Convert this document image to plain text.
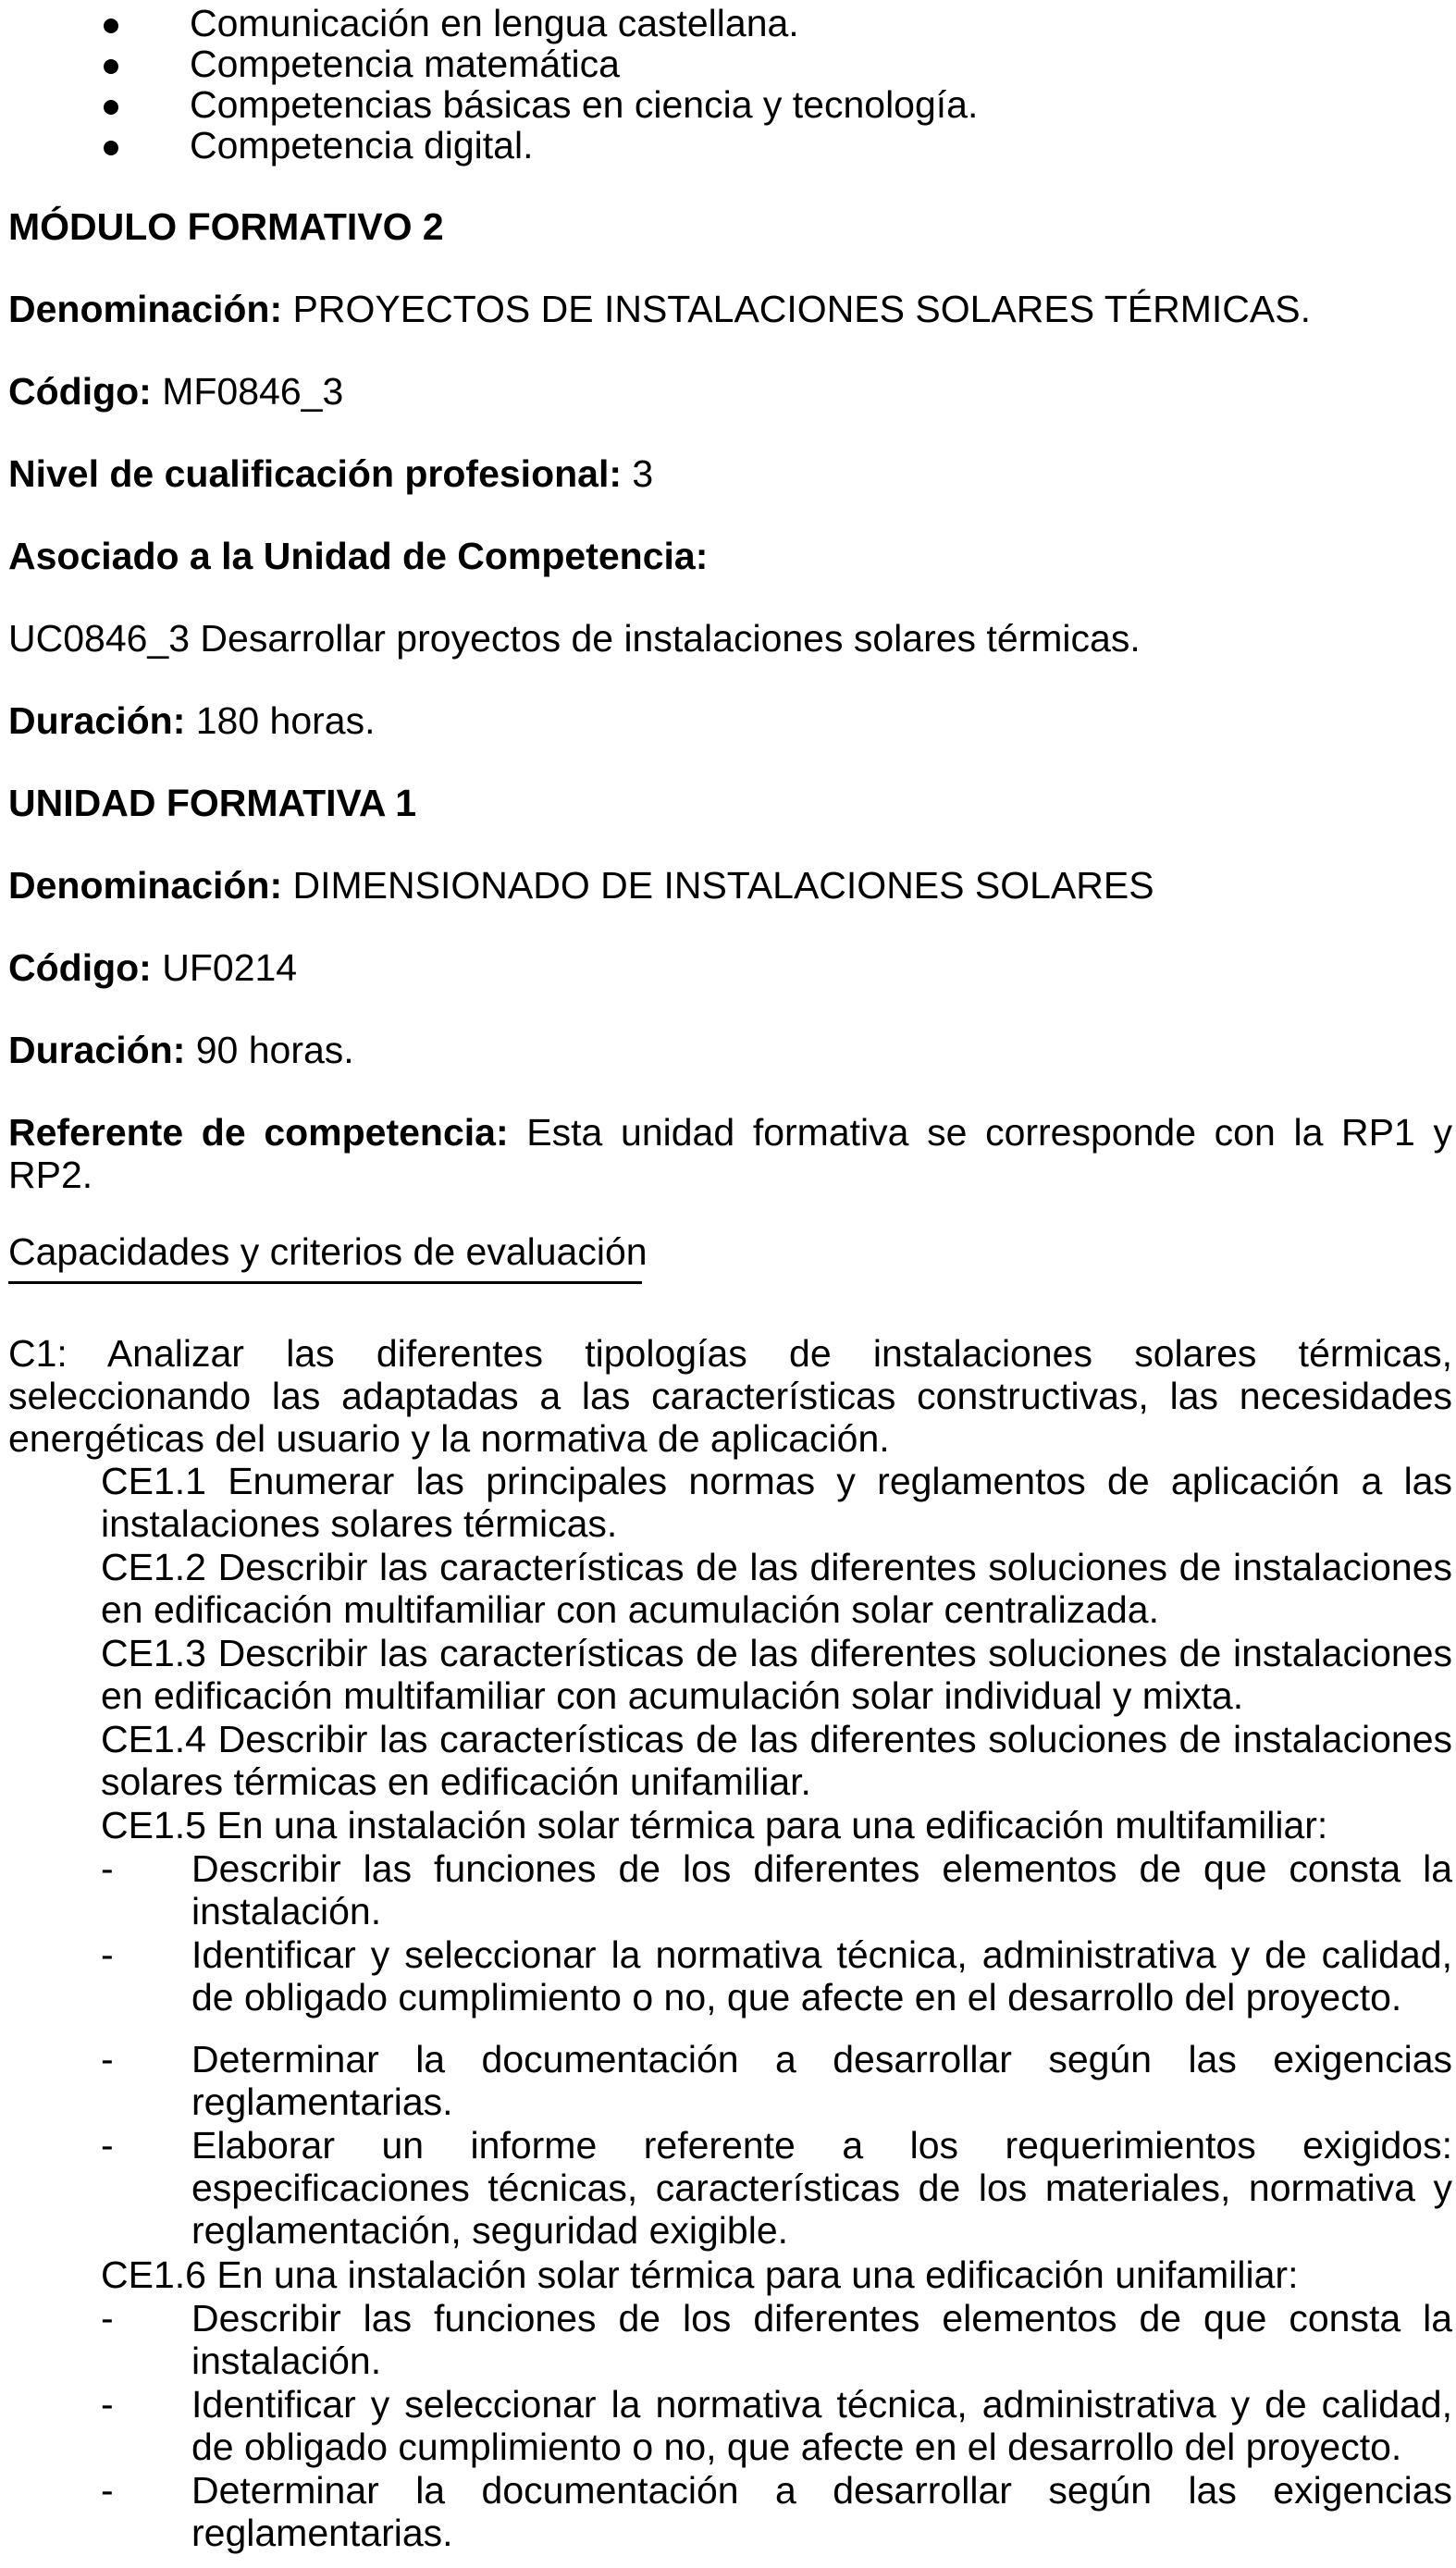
Comunicación en lengua castellana.
Competencia matemática
Competencias básicas en ciencia y tecnología.
Competencia digital.
MÓDULO FORMATIVO 2
Denominación: PROYECTOS DE INSTALACIONES SOLARES TÉRMICAS.
Código: MF0846_3
Nivel de cualificación profesional: 3
Asociado a la Unidad de Competencia:
UC0846_3 Desarrollar proyectos de instalaciones solares térmicas.
Duración: 180 horas.
UNIDAD FORMATIVA 1
Denominación: DIMENSIONADO DE INSTALACIONES SOLARES
Código: UF0214
Duración: 90 horas.
Referente de competencia: Esta unidad formativa se corresponde con la RP1 y RP2.
Capacidades y criterios de evaluación
C1: Analizar las diferentes tipologías de instalaciones solares térmicas, seleccionando las adaptadas a las características constructivas, las necesidades energéticas del usuario y la normativa de aplicación.
CE1.1 Enumerar las principales normas y reglamentos de aplicación a las instalaciones solares térmicas.
CE1.2 Describir las características de las diferentes soluciones de instalaciones en edificación multifamiliar con acumulación solar centralizada.
CE1.3 Describir las características de las diferentes soluciones de instalaciones en edificación multifamiliar con acumulación solar individual y mixta.
CE1.4 Describir las características de las diferentes soluciones de instalaciones solares térmicas en edificación unifamiliar.
CE1.5 En una instalación solar térmica para una edificación multifamiliar:
- Describir las funciones de los diferentes elementos de que consta la instalación.
- Identificar y seleccionar la normativa técnica, administrativa y de calidad, de obligado cumplimiento o no, que afecte en el desarrollo del proyecto.
- Determinar la documentación a desarrollar según las exigencias reglamentarias.
- Elaborar un informe referente a los requerimientos exigidos: especificaciones técnicas, características de los materiales, normativa y reglamentación, seguridad exigible.
CE1.6 En una instalación solar térmica para una edificación unifamiliar:
- Describir las funciones de los diferentes elementos de que consta la instalación.
- Identificar y seleccionar la normativa técnica, administrativa y de calidad, de obligado cumplimiento o no, que afecte en el desarrollo del proyecto.
- Determinar la documentación a desarrollar según las exigencias reglamentarias.
